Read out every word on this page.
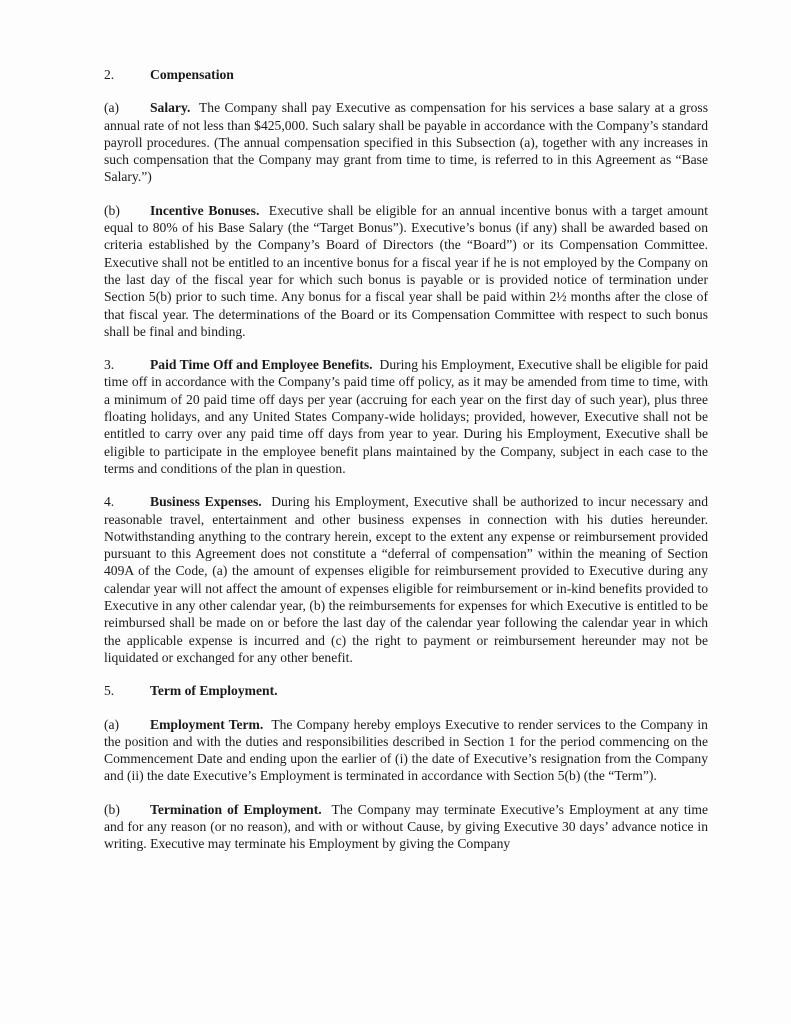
2.	Compensation

(a) Salary. The Company shall pay Executive as compensation for his services a base salary at a gross annual rate of not less than $425,000. Such salary shall be payable in accordance with the Company’s standard payroll procedures. (The annual compensation specified in this Subsection (a), together with any increases in such compensation that the Company may grant from time to time, is referred to in this Agreement as “Base Salary.”)

(b) Incentive Bonuses. Executive shall be eligible for an annual incentive bonus with a target amount equal to 80% of his Base Salary (the “Target Bonus”). Executive’s bonus (if any) shall be awarded based on criteria established by the Company’s Board of Directors (the “Board”) or its Compensation Committee. Executive shall not be entitled to an incentive bonus for a fiscal year if he is not employed by the Company on the last day of the fiscal year for which such bonus is payable or is provided notice of termination under Section 5(b) prior to such time. Any bonus for a fiscal year shall be paid within 2½ months after the close of that fiscal year. The determinations of the Board or its Compensation Committee with respect to such bonus shall be final and binding.

3.	Paid Time Off and Employee Benefits. During his Employment, Executive shall be eligible for paid time off in accordance with the Company’s paid time off policy, as it may be amended from time to time, with a minimum of 20 paid time off days per year (accruing for each year on the first day of such year), plus three floating holidays, and any United States Company-wide holidays; provided, however, Executive shall not be entitled to carry over any paid time off days from year to year. During his Employment, Executive shall be eligible to participate in the employee benefit plans maintained by the Company, subject in each case to the terms and conditions of the plan in question.

4.	Business Expenses. During his Employment, Executive shall be authorized to incur necessary and reasonable travel, entertainment and other business expenses in connection with his duties hereunder. Notwithstanding anything to the contrary herein, except to the extent any expense or reimbursement provided pursuant to this Agreement does not constitute a “deferral of compensation” within the meaning of Section 409A of the Code, (a) the amount of expenses eligible for reimbursement provided to Executive during any calendar year will not affect the amount of expenses eligible for reimbursement or in-kind benefits provided to Executive in any other calendar year, (b) the reimbursements for expenses for which Executive is entitled to be reimbursed shall be made on or before the last day of the calendar year following the calendar year in which the applicable expense is incurred and (c) the right to payment or reimbursement hereunder may not be liquidated or exchanged for any other benefit.

5.	Term of Employment.

(a) Employment Term. The Company hereby employs Executive to render services to the Company in the position and with the duties and responsibilities described in Section 1 for the period commencing on the Commencement Date and ending upon the earlier of (i) the date of Executive’s resignation from the Company and (ii) the date Executive’s Employment is terminated in accordance with Section 5(b) (the “Term”).

(b) Termination of Employment. The Company may terminate Executive’s Employment at any time and for any reason (or no reason), and with or without Cause, by giving Executive 30 days’ advance notice in writing. Executive may terminate his Employment by giving the Company
